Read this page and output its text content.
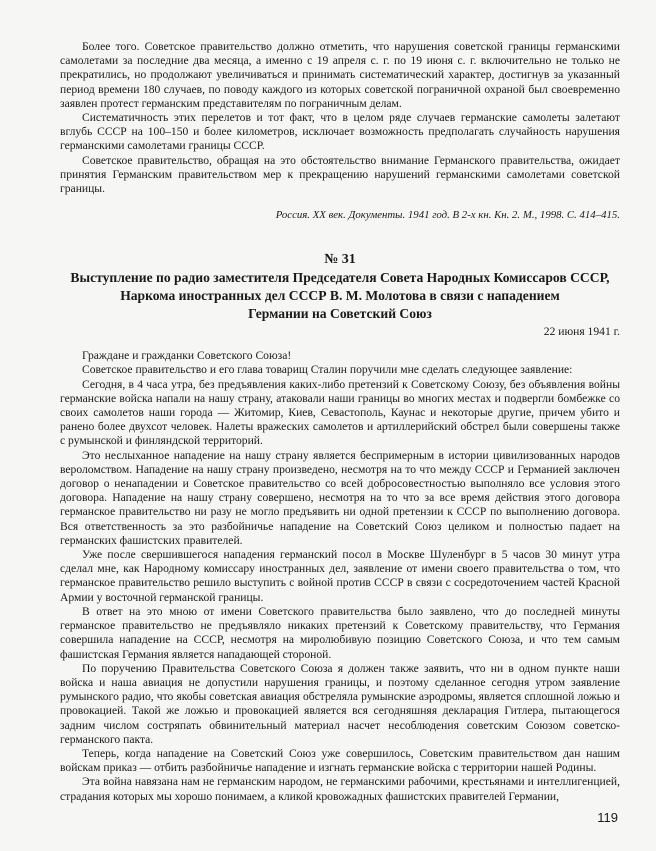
Более того. Советское правительство должно отметить, что нарушения советской границы германскими самолетами за последние два месяца, а именно с 19 апреля с. г. по 19 июня с. г. включительно не только не прекратились, но продолжают увеличиваться и принимать систематический характер, достигнув за указанный период времени 180 случаев, по поводу каждого из которых советской пограничной охраной был своевременно заявлен протест германским представителям по пограничным делам.

Систематичность этих перелетов и тот факт, что в целом ряде случаев германские самолеты залетают вглубь СССР на 100–150 и более километров, исключает возможность предполагать случайность нарушения германскими самолетами границы СССР.

Советское правительство, обращая на это обстоятельство внимание Германского правительства, ожидает принятия Германским правительством мер к прекращению нарушений германскими самолетами советской границы.

Россия. XX век. Документы. 1941 год. В 2-х кн. Кн. 2. М., 1998. С. 414–415.

№ 31
Выступление по радио заместителя Председателя Совета Народных Комиссаров СССР,
Наркома иностранных дел СССР В. М. Молотова в связи с нападением
Германии на Советский Союз
22 июня 1941 г.

Граждане и гражданки Советского Союза!

Советское правительство и его глава товарищ Сталин поручили мне сделать следующее заявление:

Сегодня, в 4 часа утра, без предъявления каких-либо претензий к Советскому Союзу, без объявления войны германские войска напали на нашу страну, атаковали наши границы во многих местах и подвергли бомбежке со своих самолетов наши города — Житомир, Киев, Севастополь, Каунас и некоторые другие, причем убито и ранено более двухсот человек. Налеты вражеских самолетов и артиллерийский обстрел были совершены также с румынской и финляндской территорий.

Это неслыханное нападение на нашу страну является беспримерным в истории цивилизованных народов вероломством. Нападение на нашу страну произведено, несмотря на то что между СССР и Германией заключен договор о ненападении и Советское правительство со всей добросовестностью выполняло все условия этого договора. Нападение на нашу страну совершено, несмотря на то что за все время действия этого договора германское правительство ни разу не могло предъявить ни одной претензии к СССР по выполнению договора. Вся ответственность за это разбойничье нападение на Советский Союз целиком и полностью падает на германских фашистских правителей.

Уже после свершившегося нападения германский посол в Москве Шуленбург в 5 часов 30 минут утра сделал мне, как Народному комиссару иностранных дел, заявление от имени своего правительства о том, что германское правительство решило выступить с войной против СССР в связи с сосредоточением частей Красной Армии у восточной германской границы.

В ответ на это мною от имени Советского правительства было заявлено, что до последней минуты германское правительство не предъявляло никаких претензий к Советскому правительству, что Германия совершила нападение на СССР, несмотря на миролюбивую позицию Советского Союза, и что тем самым фашистская Германия является нападающей стороной.

По поручению Правительства Советского Союза я должен также заявить, что ни в одном пункте наши войска и наша авиация не допустили нарушения границы, и поэтому сделанное сегодня утром заявление румынского радио, что якобы советская авиация обстреляла румынские аэродромы, является сплошной ложью и провокацией. Такой же ложью и провокацией является вся сегодняшняя декларация Гитлера, пытающегося задним числом состряпать обвинительный материал насчет несоблюдения советским Союзом советско-германского пакта.

Теперь, когда нападение на Советский Союз уже совершилось, Советским правительством дан нашим войскам приказ — отбить разбойничье нападение и изгнать германские войска с территории нашей Родины.

Эта война навязана нам не германским народом, не германскими рабочими, крестьянами и интеллигенцией, страдания которых мы хорошо понимаем, а кликой кровожадных фашистских правителей Германии,

119
